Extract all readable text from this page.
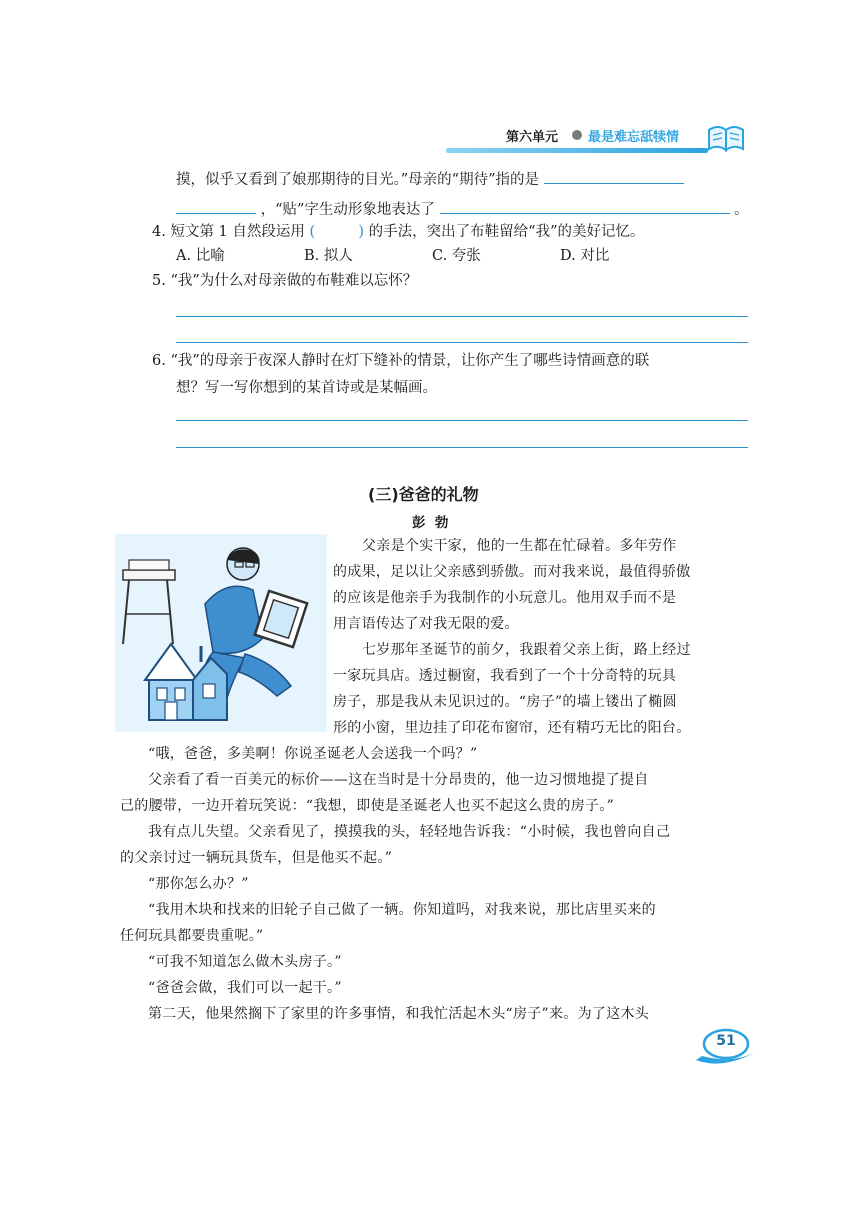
第六单元 最是难忘舐犊情
摸，似乎又看到了娘那期待的目光。”母亲的“期待”指的是
，“贴”字生动形象地表达了	。
4. 短文第 1 自然段运用 (	) 的手法，突出了布鞋留给“我”的美好记忆。
A. 比喻	B. 拟人	C. 夸张	D. 对比
5. “我”为什么对母亲做的布鞋难以忘怀？
6. “我”的母亲于夜深人静时在灯下缝补的情景，让你产生了哪些诗情画意的联
想？写一写你想到的某首诗或是某幅画。
(三)爸爸的礼物
彭  勃
父亲是个实干家，他的一生都在忙碌着。多年劳作
的成果，足以让父亲感到骄傲。而对我来说，最值得骄傲
的应该是他亲手为我制作的小玩意儿。他用双手而不是
用言语传达了对我无限的爱。
七岁那年圣诞节的前夕，我跟着父亲上街，路上经过
一家玩具店。透过橱窗，我看到了一个十分奇特的玩具
房子，那是我从未见识过的。“房子”的墙上镂出了椭圆
形的小窗，里边挂了印花布窗帘，还有精巧无比的阳台。
“哦，爸爸，多美啊！你说圣诞老人会送我一个吗？”
父亲看了看一百美元的标价——这在当时是十分昂贵的，他一边习惯地提了提自
己的腰带，一边开着玩笑说：“我想，即使是圣诞老人也买不起这么贵的房子。”
我有点儿失望。父亲看见了，摸摸我的头，轻轻地告诉我：“小时候，我也曾向自己
的父亲讨过一辆玩具货车，但是他买不起。”
“那你怎么办？”
“我用木块和找来的旧轮子自己做了一辆。你知道吗，对我来说，那比店里买来的
任何玩具都要贵重呢。”
“可我不知道怎么做木头房子。”
“爸爸会做，我们可以一起干。”
第二天，他果然搁下了家里的许多事情，和我忙活起木头“房子”来。为了这木头
51
